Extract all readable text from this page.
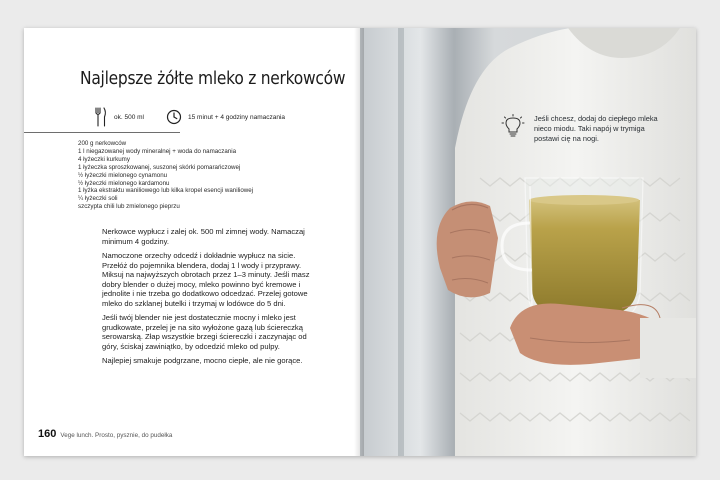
Najlepsze żółte mleko z nerkowców
ok. 500 ml	15 minut + 4 godziny namaczania
200 g nerkowców
1 l niegazowanej wody mineralnej + woda do namaczania
4 łyżeczki kurkumy
1 łyżeczka sproszkowanej, suszonej skórki pomarańczowej
½ łyżeczki mielonego cynamonu
½ łyżeczki mielonego kardamonu
1 łyżka ekstraktu waniliowego lub kilka kropel esencji waniliowej
¼ łyżeczki soli
szczypta chili lub zmielonego pieprzu

Nerkowce wypłucz i zalej ok. 500 ml zimnej wody. Namaczaj minimum 4 godziny.

Namoczone orzechy odcedź i dokładnie wypłucz na sicie. Przełóż do pojemnika blendera, dodaj 1 l wody i przyprawy. Miksuj na najwyższych obrotach przez 1–3 minuty. Jeśli masz dobry blender o dużej mocy, mleko powinno być kremowe i jednolite i nie trzeba go dodatkowo odcedzać. Przelej gotowe mleko do szklanej butelki i trzymaj w lodówce do 5 dni.

Jeśli twój blender nie jest dostatecznie mocny i mleko jest grudkowate, przelej je na sito wyłożone gazą lub ściereczką serowarską. Złap wszystkie brzegi ściereczki i zaczynając od góry, ściskaj zawiniątko, by odcedzić mleko od pulpy.

Najlepiej smakuje podgrzane, mocno ciepłe, ale nie gorące.

160 Vege lunch. Prosto, pysznie, do pudełka

Jeśli chcesz, dodaj do ciepłego mleka nieco miodu. Taki napój w trymiga postawi cię na nogi.
